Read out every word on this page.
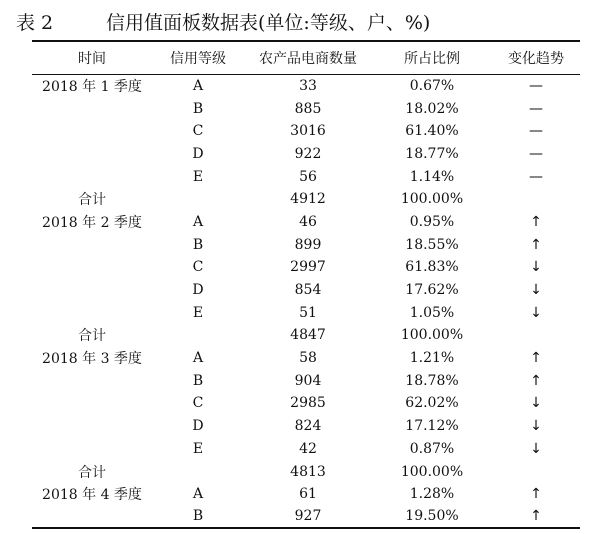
表 2	信用值面板数据表(单位:等级、户、%)
时间	信用等级	农产品电商数量	所占比例	变化趋势
2018 年 1 季度	A	33	0.67%	—
	B	885	18.02%	—
	C	3016	61.40%	—
	D	922	18.77%	—
	E	56	1.14%	—
合计		4912	100.00%	
2018 年 2 季度	A	46	0.95%	↑
	B	899	18.55%	↑
	C	2997	61.83%	↓
	D	854	17.62%	↓
	E	51	1.05%	↓
合计		4847	100.00%	
2018 年 3 季度	A	58	1.21%	↑
	B	904	18.78%	↑
	C	2985	62.02%	↓
	D	824	17.12%	↓
	E	42	0.87%	↓
合计		4813	100.00%	
2018 年 4 季度	A	61	1.28%	↑
	B	927	19.50%	↑
